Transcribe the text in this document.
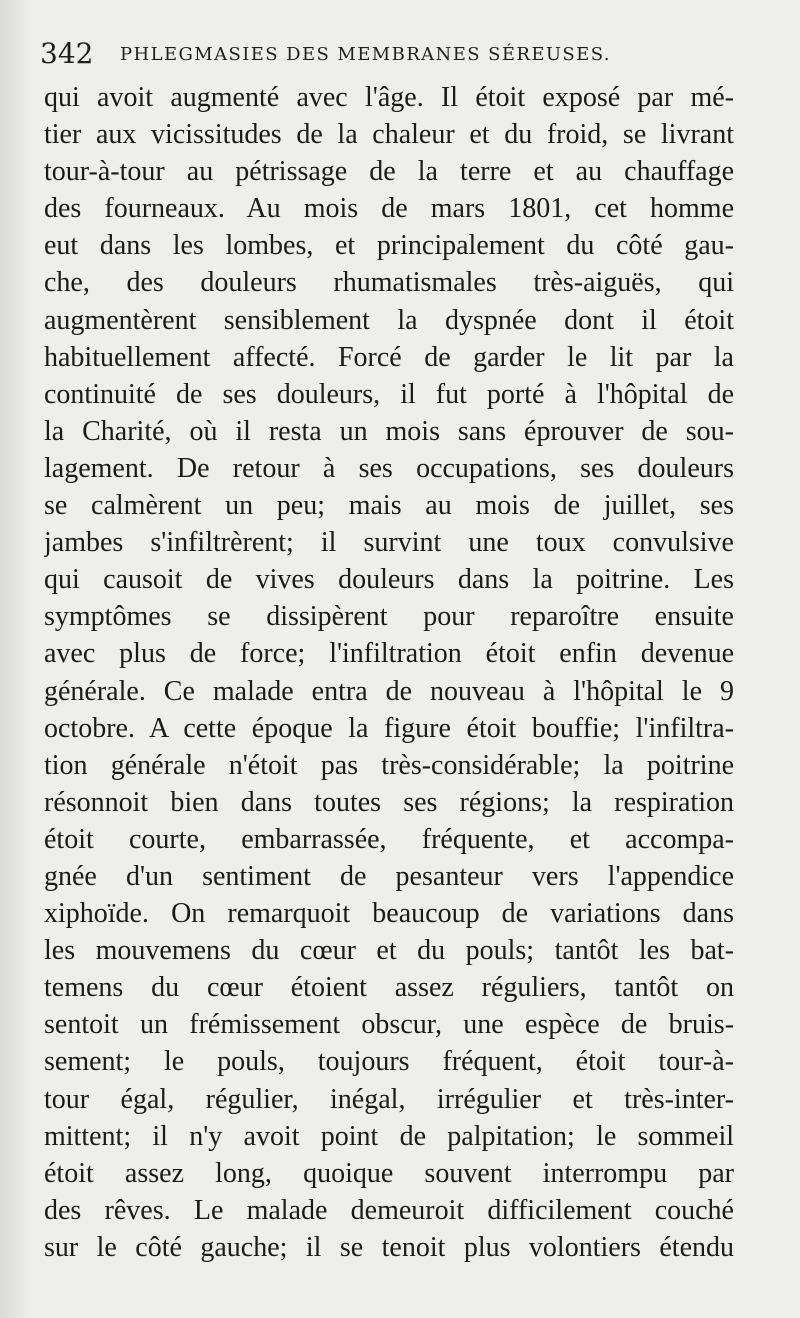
342 PHLEGMASIES DES MEMBRANES SÉREUSES.
qui avoit augmenté avec l'âge. Il étoit exposé par mé-
tier aux vicissitudes de la chaleur et du froid, se livrant
tour-à-tour au pétrissage de la terre et au chauffage
des fourneaux. Au mois de mars 1801, cet homme
eut dans les lombes, et principalement du côté gau-
che, des douleurs rhumatismales très-aiguës, qui
augmentèrent sensiblement la dyspnée dont il étoit
habituellement affecté. Forcé de garder le lit par la
continuité de ses douleurs, il fut porté à l'hôpital de
la Charité, où il resta un mois sans éprouver de sou-
lagement. De retour à ses occupations, ses douleurs
se calmèrent un peu; mais au mois de juillet, ses
jambes s'infiltrèrent; il survint une toux convulsive
qui causoit de vives douleurs dans la poitrine. Les
symptômes se dissipèrent pour reparoître ensuite
avec plus de force; l'infiltration étoit enfin devenue
générale. Ce malade entra de nouveau à l'hôpital le 9
octobre. A cette époque la figure étoit bouffie; l'infiltra-
tion générale n'étoit pas très-considérable; la poitrine
résonnoit bien dans toutes ses régions; la respiration
étoit courte, embarrassée, fréquente, et accompa-
gnée d'un sentiment de pesanteur vers l'appendice
xiphoïde. On remarquoit beaucoup de variations dans
les mouvemens du cœur et du pouls; tantôt les bat-
temens du cœur étoient assez réguliers, tantôt on
sentoit un frémissement obscur, une espèce de bruis-
sement; le pouls, toujours fréquent, étoit tour-à-
tour égal, régulier, inégal, irrégulier et très-inter-
mittent; il n'y avoit point de palpitation; le sommeil
étoit assez long, quoique souvent interrompu par
des rêves. Le malade demeuroit difficilement couché
sur le côté gauche; il se tenoit plus volontiers étendu
